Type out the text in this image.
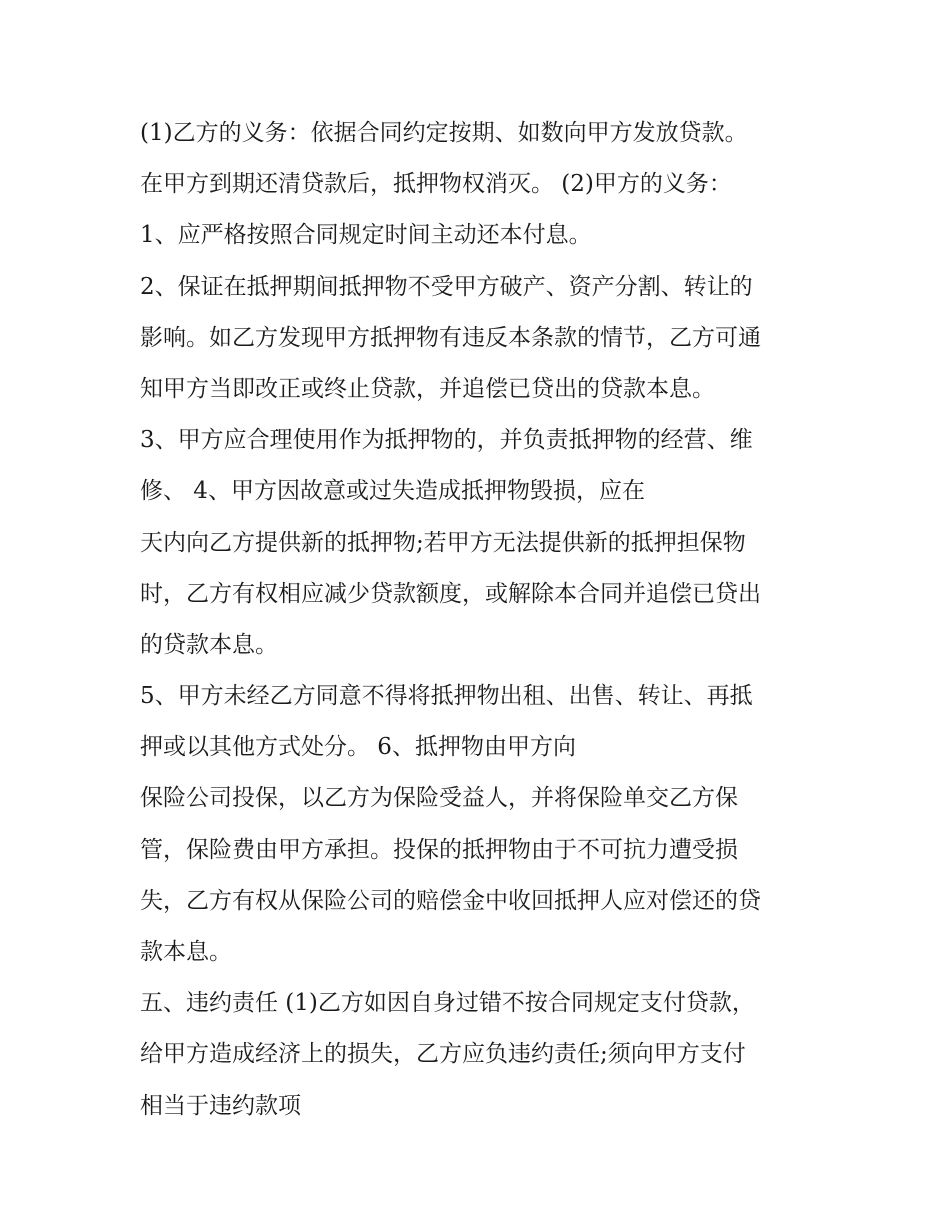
(1)乙方的义务：依据合同约定按期、如数向甲方发放贷款。
在甲方到期还清贷款后，抵押物权消灭。 (2)甲方的义务：
1、应严格按照合同规定时间主动还本付息。
2、保证在抵押期间抵押物不受甲方破产、资产分割、转让的
影响。如乙方发现甲方抵押物有违反本条款的情节，乙方可通
知甲方当即改正或终止贷款，并追偿已贷出的贷款本息。
3、甲方应合理使用作为抵押物的，并负责抵押物的经营、维
修、 4、甲方因故意或过失造成抵押物毁损，应在
天内向乙方提供新的抵押物;若甲方无法提供新的抵押担保物
时，乙方有权相应减少贷款额度，或解除本合同并追偿已贷出
的贷款本息。
5、甲方未经乙方同意不得将抵押物出租、出售、转让、再抵
押或以其他方式处分。 6、抵押物由甲方向
保险公司投保，以乙方为保险受益人，并将保险单交乙方保
管，保险费由甲方承担。投保的抵押物由于不可抗力遭受损
失，乙方有权从保险公司的赔偿金中收回抵押人应对偿还的贷
款本息。
五、违约责任 (1)乙方如因自身过错不按合同规定支付贷款，
给甲方造成经济上的损失，乙方应负违约责任;须向甲方支付
相当于违约款项
